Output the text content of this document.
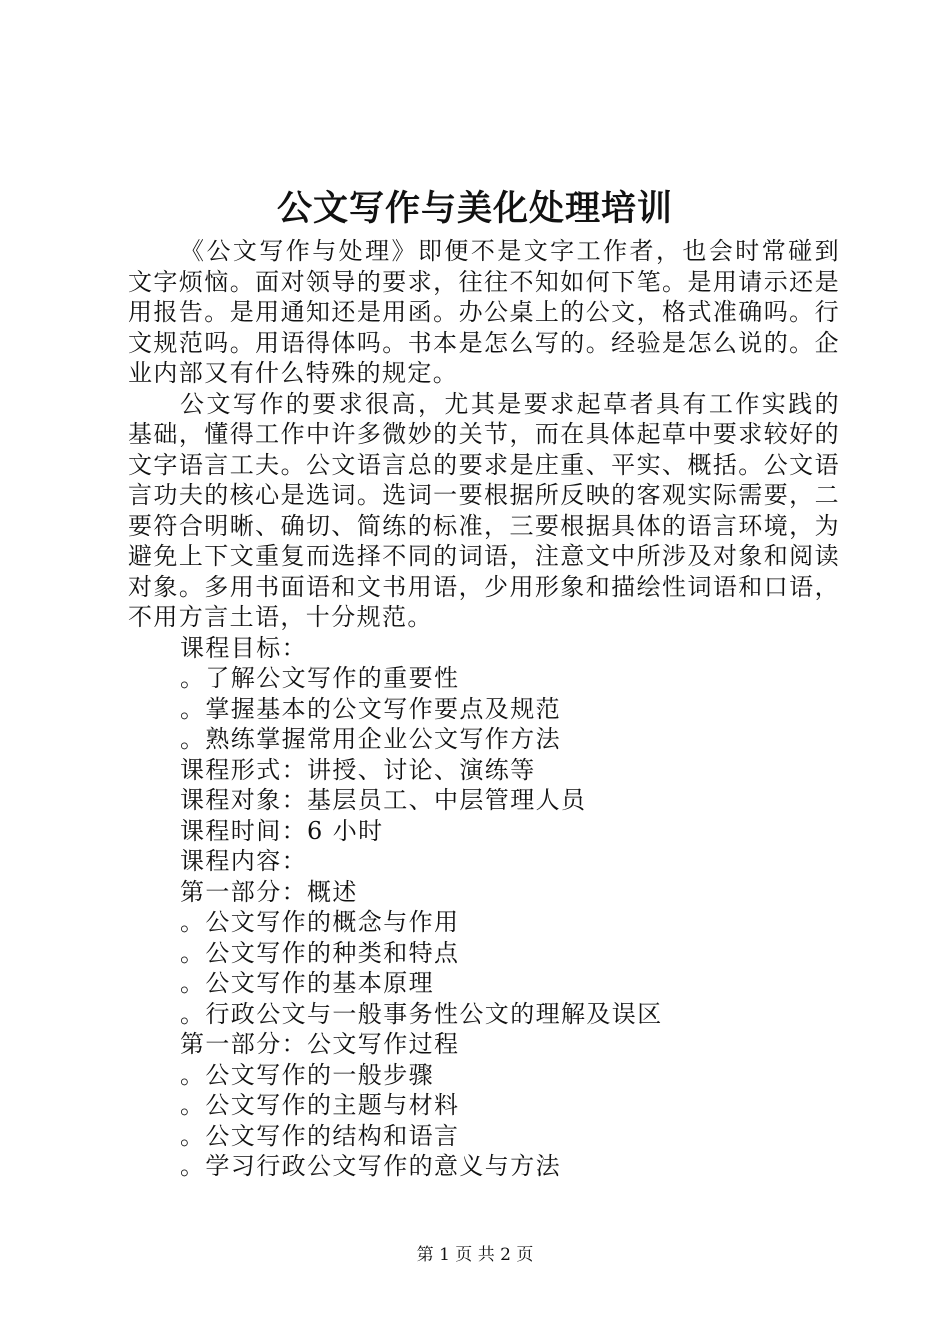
公文写作与美化处理培训

《公文写作与处理》即便不是文字工作者，也会时常碰到文字烦恼。面对领导的要求，往往不知如何下笔。是用请示还是用报告。是用通知还是用函。办公桌上的公文，格式准确吗。行文规范吗。用语得体吗。书本是怎么写的。经验是怎么说的。企业内部又有什么特殊的规定。

公文写作的要求很高，尤其是要求起草者具有工作实践的基础，懂得工作中许多微妙的关节，而在具体起草中要求较好的文字语言工夫。公文语言总的要求是庄重、平实、概括。公文语言功夫的核心是选词。选词一要根据所反映的客观实际需要，二要符合明晰、确切、简练的标准，三要根据具体的语言环境，为避免上下文重复而选择不同的词语，注意文中所涉及对象和阅读对象。多用书面语和文书用语，少用形象和描绘性词语和口语，不用方言土语，十分规范。

课程目标：

。了解公文写作的重要性

。掌握基本的公文写作要点及规范

。熟练掌握常用企业公文写作方法

课程形式：讲授、讨论、演练等

课程对象：基层员工、中层管理人员

课程时间：6 小时

课程内容：

第一部分：概述

。公文写作的概念与作用

。公文写作的种类和特点

。公文写作的基本原理

。行政公文与一般事务性公文的理解及误区

第一部分：公文写作过程

。公文写作的一般步骤

。公文写作的主题与材料

。公文写作的结构和语言

。学习行政公文写作的意义与方法

第 1 页 共 2 页
